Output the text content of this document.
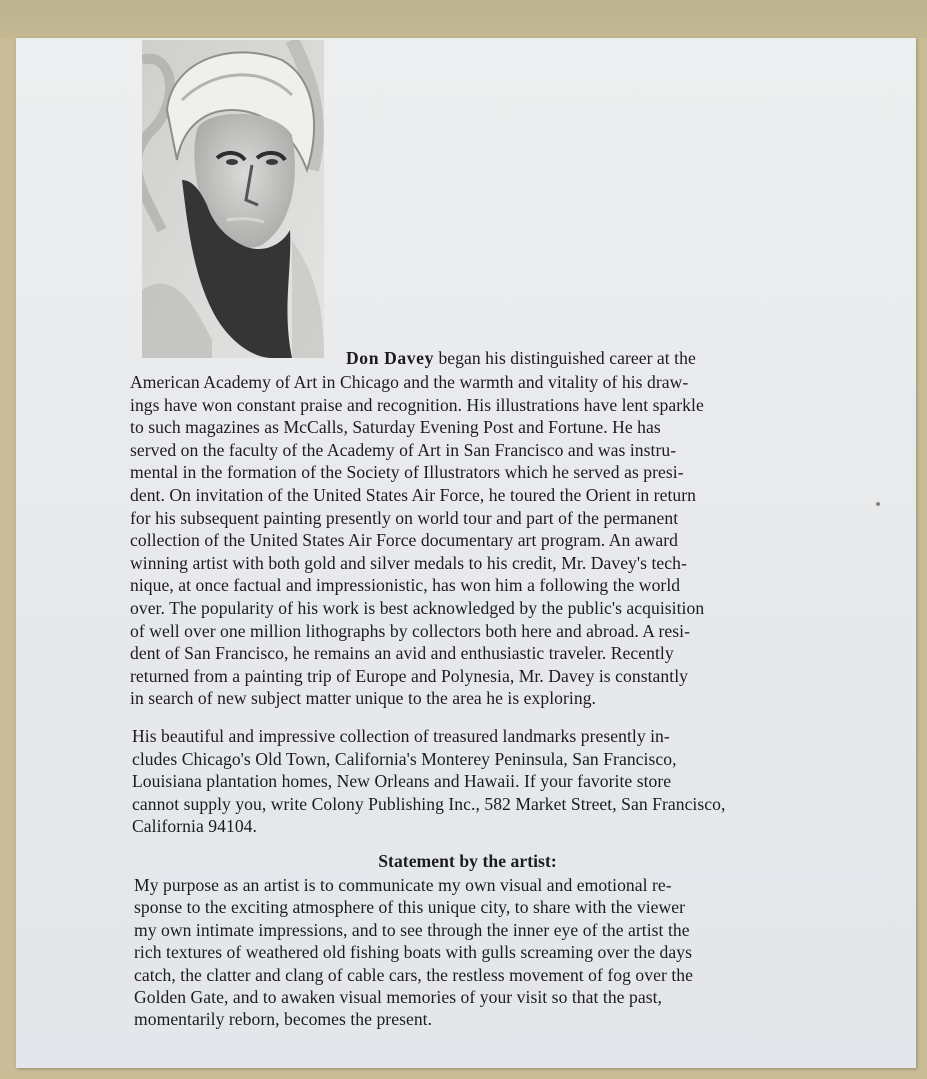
Don Davey began his distinguished career at the
American Academy of Art in Chicago and the warmth and vitality of his draw-
ings have won constant praise and recognition. His illustrations have lent sparkle
to such magazines as McCalls, Saturday Evening Post and Fortune. He has
served on the faculty of the Academy of Art in San Francisco and was instru-
mental in the formation of the Society of Illustrators which he served as presi-
dent. On invitation of the United States Air Force, he toured the Orient in return
for his subsequent painting presently on world tour and part of the permanent
collection of the United States Air Force documentary art program. An award
winning artist with both gold and silver medals to his credit, Mr. Davey's tech-
nique, at once factual and impressionistic, has won him a following the world
over. The popularity of his work is best acknowledged by the public's acquisition
of well over one million lithographs by collectors both here and abroad. A resi-
dent of San Francisco, he remains an avid and enthusiastic traveler. Recently
returned from a painting trip of Europe and Polynesia, Mr. Davey is constantly
in search of new subject matter unique to the area he is exploring.
His beautiful and impressive collection of treasured landmarks presently in-
cludes Chicago's Old Town, California's Monterey Peninsula, San Francisco,
Louisiana plantation homes, New Orleans and Hawaii. If your favorite store
cannot supply you, write Colony Publishing Inc., 582 Market Street, San Francisco,
California 94104.
Statement by the artist:
My purpose as an artist is to communicate my own visual and emotional re-
sponse to the exciting atmosphere of this unique city, to share with the viewer
my own intimate impressions, and to see through the inner eye of the artist the
rich textures of weathered old fishing boats with gulls screaming over the days
catch, the clatter and clang of cable cars, the restless movement of fog over the
Golden Gate, and to awaken visual memories of your visit so that the past,
momentarily reborn, becomes the present.
